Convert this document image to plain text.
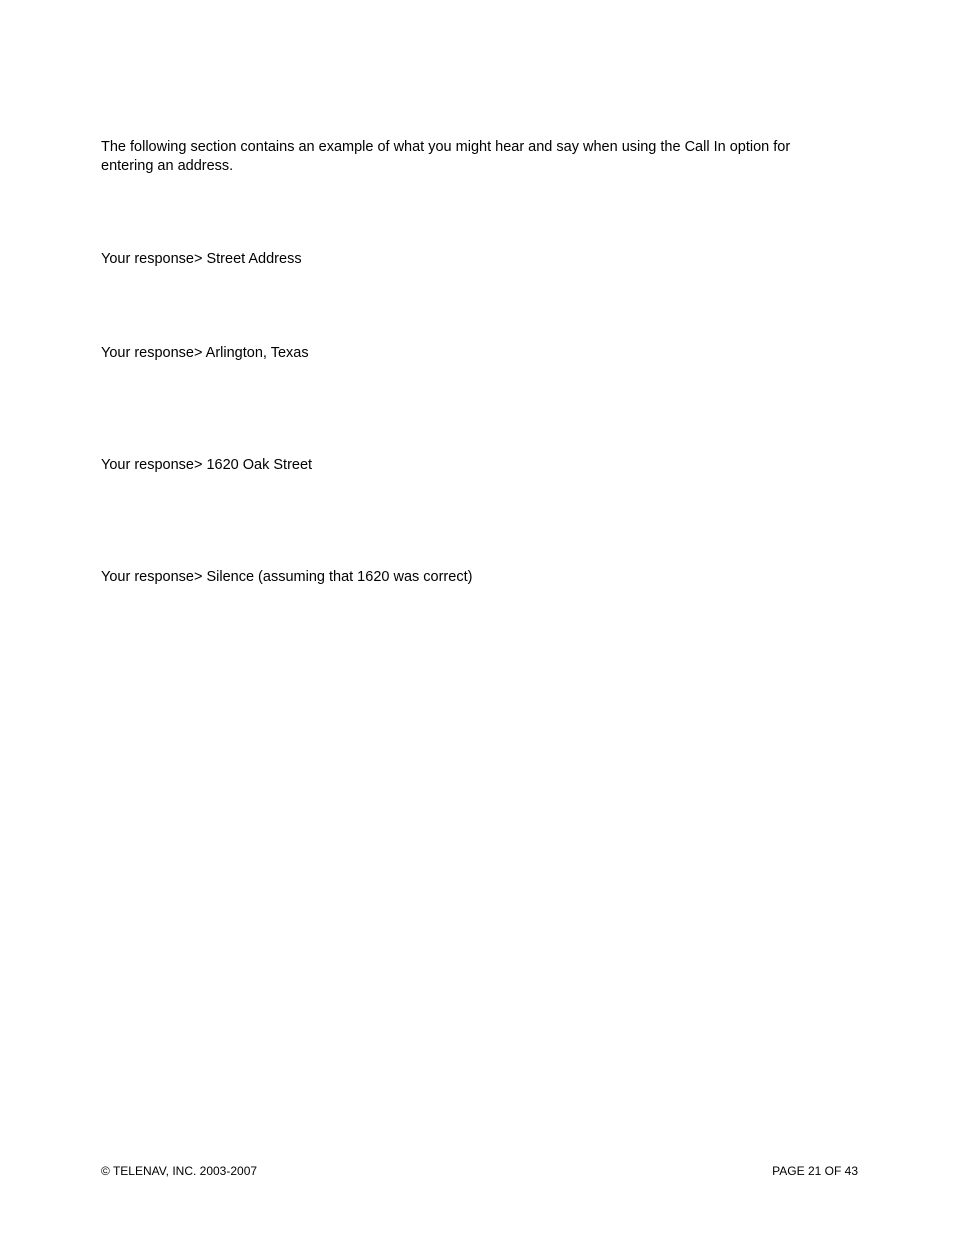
The following section contains an example of what you might hear and say when using the Call In option for
entering an address.
Your response> Street Address
Your response> Arlington, Texas
Your response> 1620 Oak Street
Your response> Silence (assuming that 1620 was correct)
© TELENAV, INC. 2003-2007	PAGE 21 OF 43
